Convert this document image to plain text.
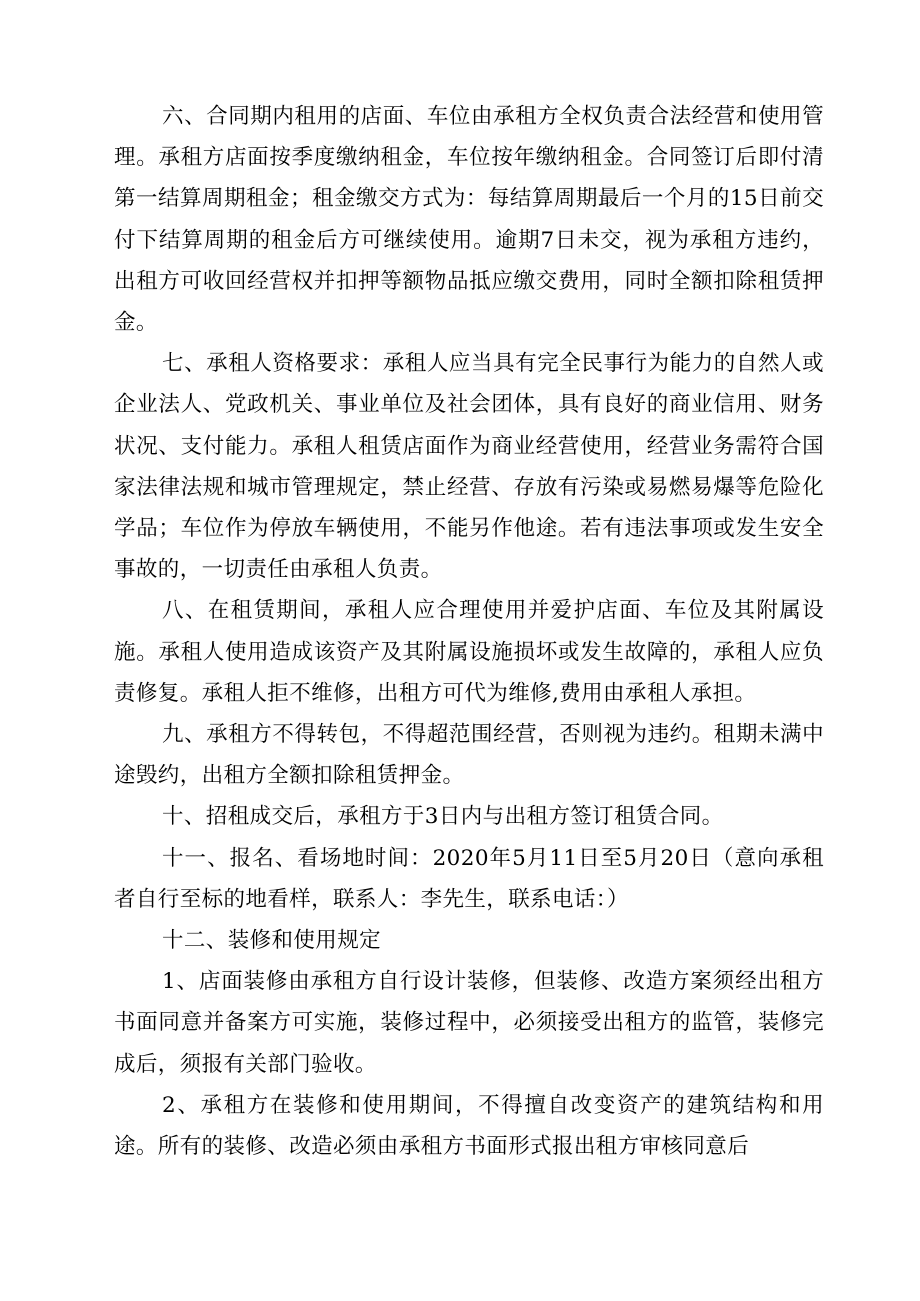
六、合同期内租用的店面、车位由承租方全权负责合法经营和使用管理。承租方店面按季度缴纳租金，车位按年缴纳租金。合同签订后即付清第一结算周期租金；租金缴交方式为：每结算周期最后一个月的15日前交付下结算周期的租金后方可继续使用。逾期7日未交，视为承租方违约，出租方可收回经营权并扣押等额物品抵应缴交费用，同时全额扣除租赁押金。

七、承租人资格要求：承租人应当具有完全民事行为能力的自然人或企业法人、党政机关、事业单位及社会团体，具有良好的商业信用、财务状况、支付能力。承租人租赁店面作为商业经营使用，经营业务需符合国家法律法规和城市管理规定，禁止经营、存放有污染或易燃易爆等危险化学品；车位作为停放车辆使用，不能另作他途。若有违法事项或发生安全事故的，一切责任由承租人负责。

八、在租赁期间，承租人应合理使用并爱护店面、车位及其附属设施。承租人使用造成该资产及其附属设施损坏或发生故障的，承租人应负责修复。承租人拒不维修，出租方可代为维修,费用由承租人承担。

九、承租方不得转包，不得超范围经营，否则视为违约。租期未满中途毁约，出租方全额扣除租赁押金。

十、招租成交后，承租方于3日内与出租方签订租赁合同。

十一、报名、看场地时间：2020年5月11日至5月20日（意向承租者自行至标的地看样，联系人：李先生，联系电话：）

十二、装修和使用规定

1、店面装修由承租方自行设计装修，但装修、改造方案须经出租方书面同意并备案方可实施，装修过程中，必须接受出租方的监管，装修完成后，须报有关部门验收。

2、承租方在装修和使用期间，不得擅自改变资产的建筑结构和用途。所有的装修、改造必须由承租方书面形式报出租方审核同意后
